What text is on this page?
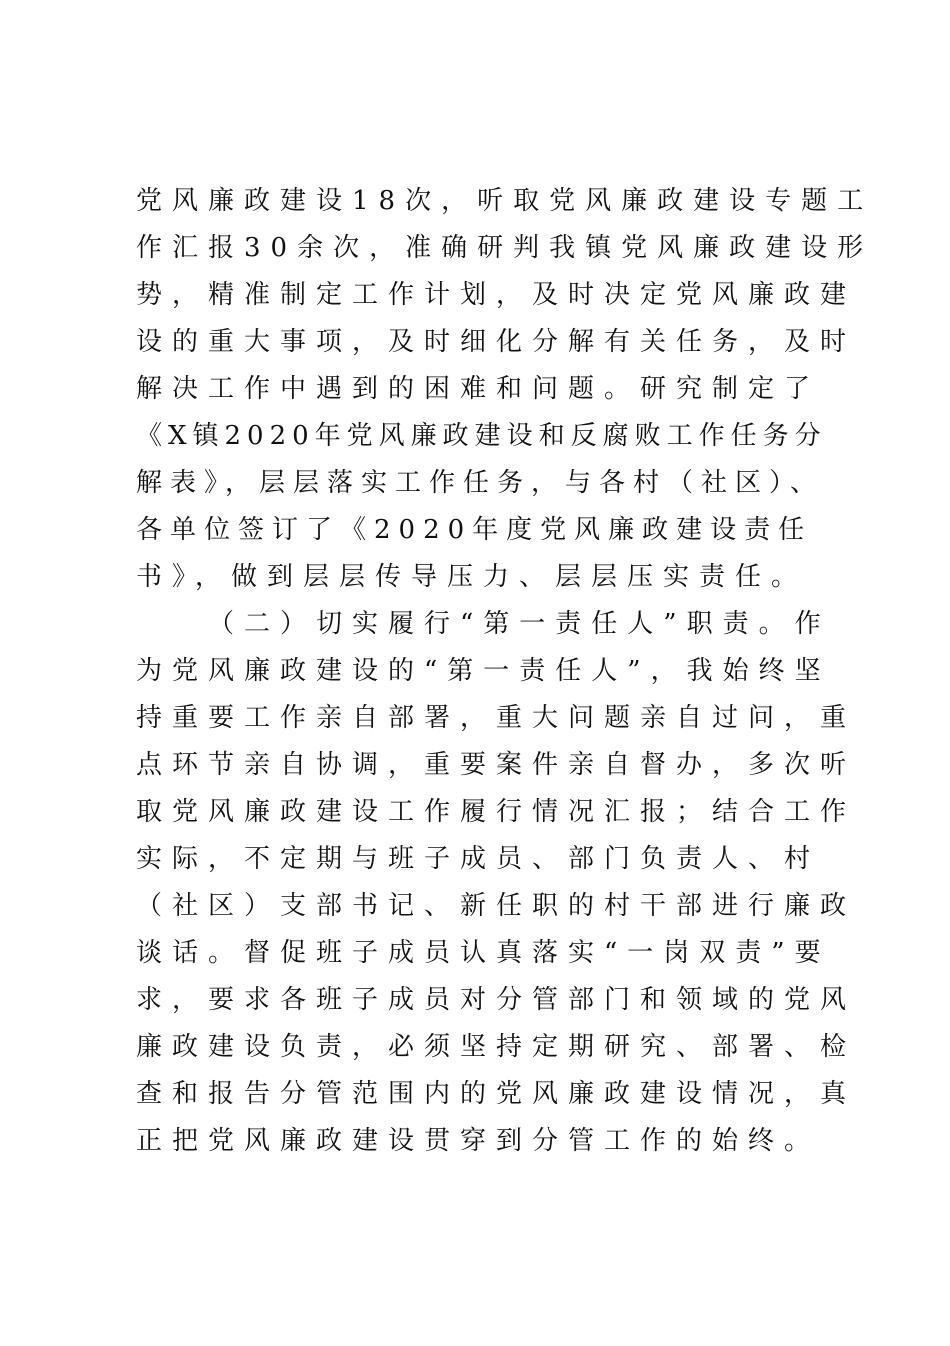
党风廉政建设18次，听取党风廉政建设专题工
作汇报30余次，准确研判我镇党风廉政建设形
势，精准制定工作计划，及时决定党风廉政建
设的重大事项，及时细化分解有关任务，及时
解决工作中遇到的困难和问题。研究制定了
《X镇2020年党风廉政建设和反腐败工作任务分
解表》，层层落实工作任务，与各村（社区）、
各单位签订了《2020年度党风廉政建设责任
书》，做到层层传导压力、层层压实责任。
（二）切实履行“第一责任人”职责。作
为党风廉政建设的“第一责任人”，我始终坚
持重要工作亲自部署，重大问题亲自过问，重
点环节亲自协调，重要案件亲自督办，多次听
取党风廉政建设工作履行情况汇报；结合工作
实际，不定期与班子成员、部门负责人、村
（社区）支部书记、新任职的村干部进行廉政
谈话。督促班子成员认真落实“一岗双责”要
求，要求各班子成员对分管部门和领域的党风
廉政建设负责，必须坚持定期研究、部署、检
查和报告分管范围内的党风廉政建设情况，真
正把党风廉政建设贯穿到分管工作的始终。
